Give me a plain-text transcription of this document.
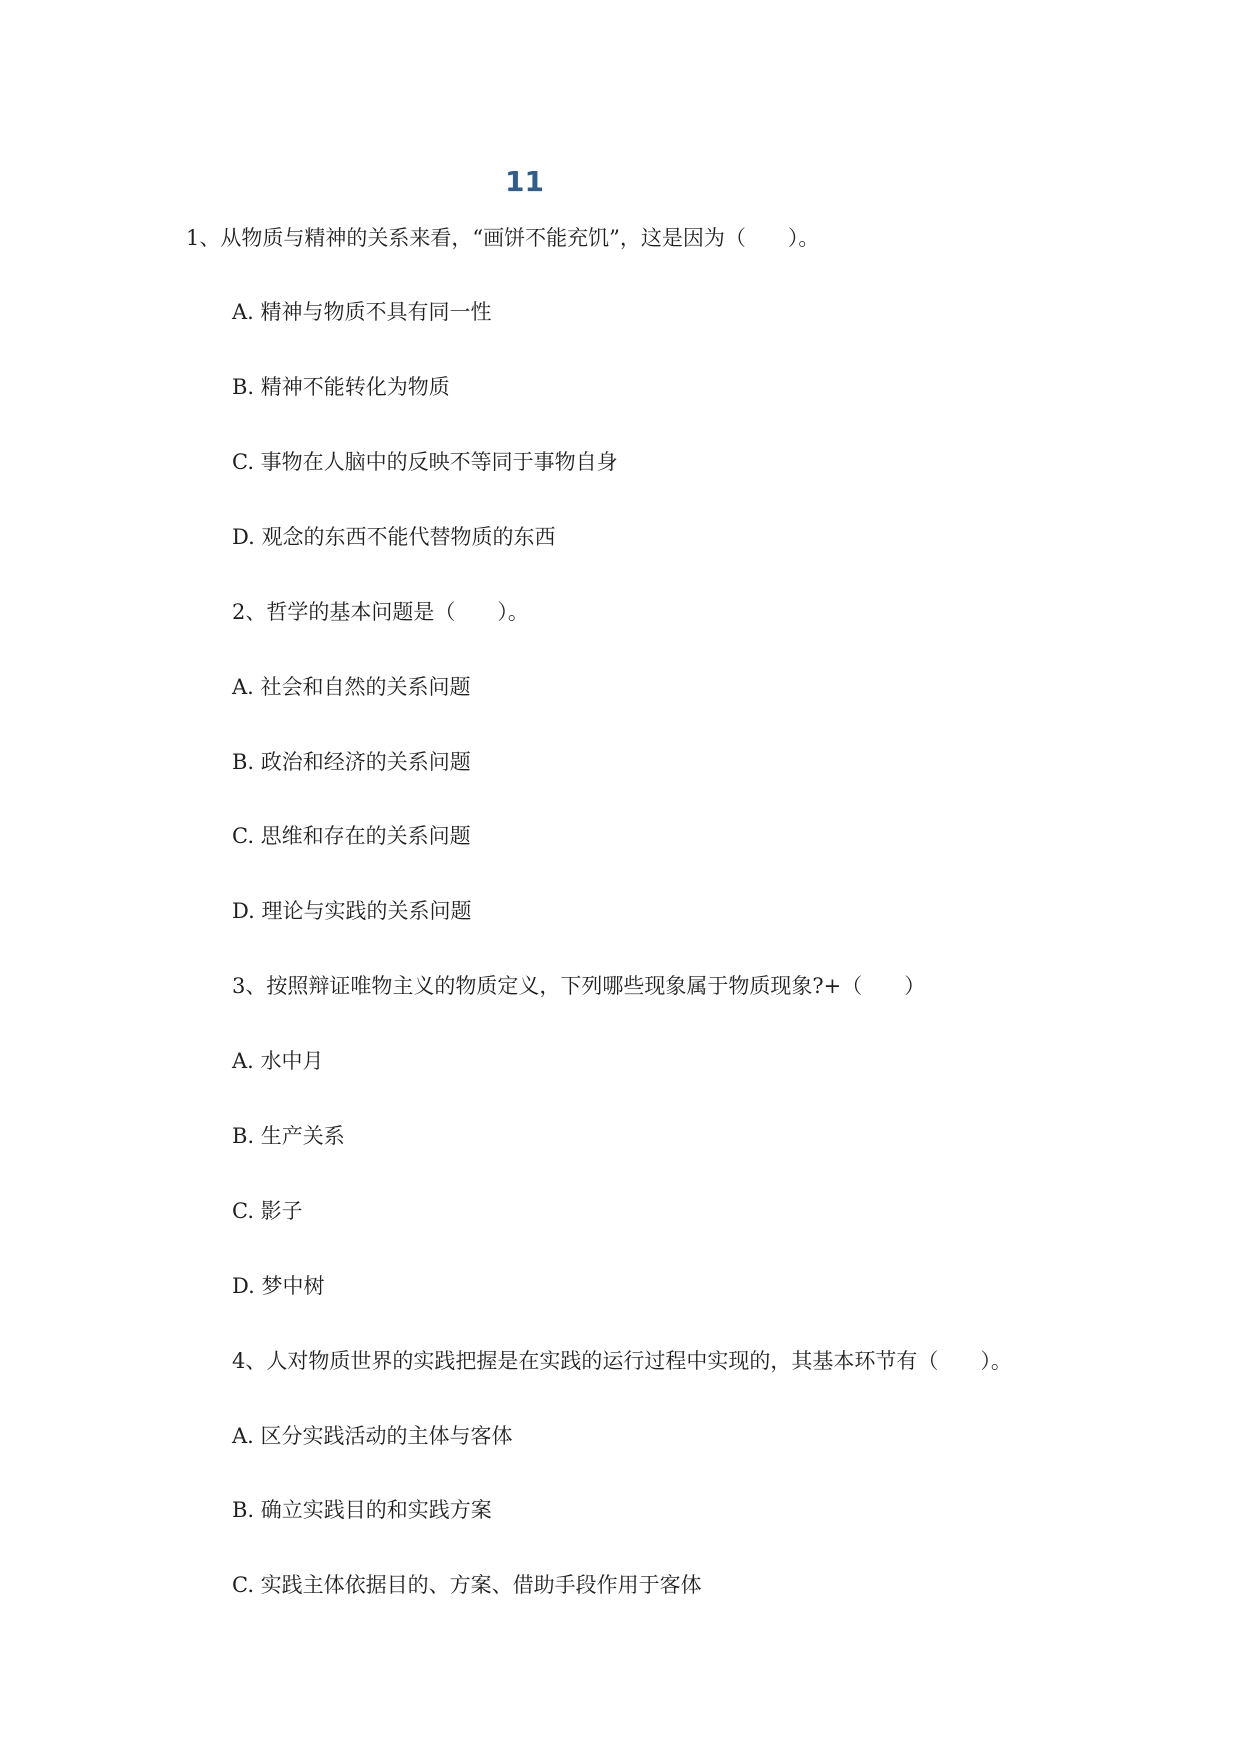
11
1、从物质与精神的关系来看，“画饼不能充饥”，这是因为（　　）。
A. 精神与物质不具有同一性
B. 精神不能转化为物质
C. 事物在人脑中的反映不等同于事物自身
D. 观念的东西不能代替物质的东西
2、哲学的基本问题是（　　）。
A. 社会和自然的关系问题
B. 政治和经济的关系问题
C. 思维和存在的关系问题
D. 理论与实践的关系问题
3、按照辩证唯物主义的物质定义，下列哪些现象属于物质现象?+（　　）
A. 水中月
B. 生产关系
C. 影子
D. 梦中树
4、人对物质世界的实践把握是在实践的运行过程中实现的，其基本环节有（　　）。
A. 区分实践活动的主体与客体
B. 确立实践目的和实践方案
C. 实践主体依据目的、方案、借助手段作用于客体
